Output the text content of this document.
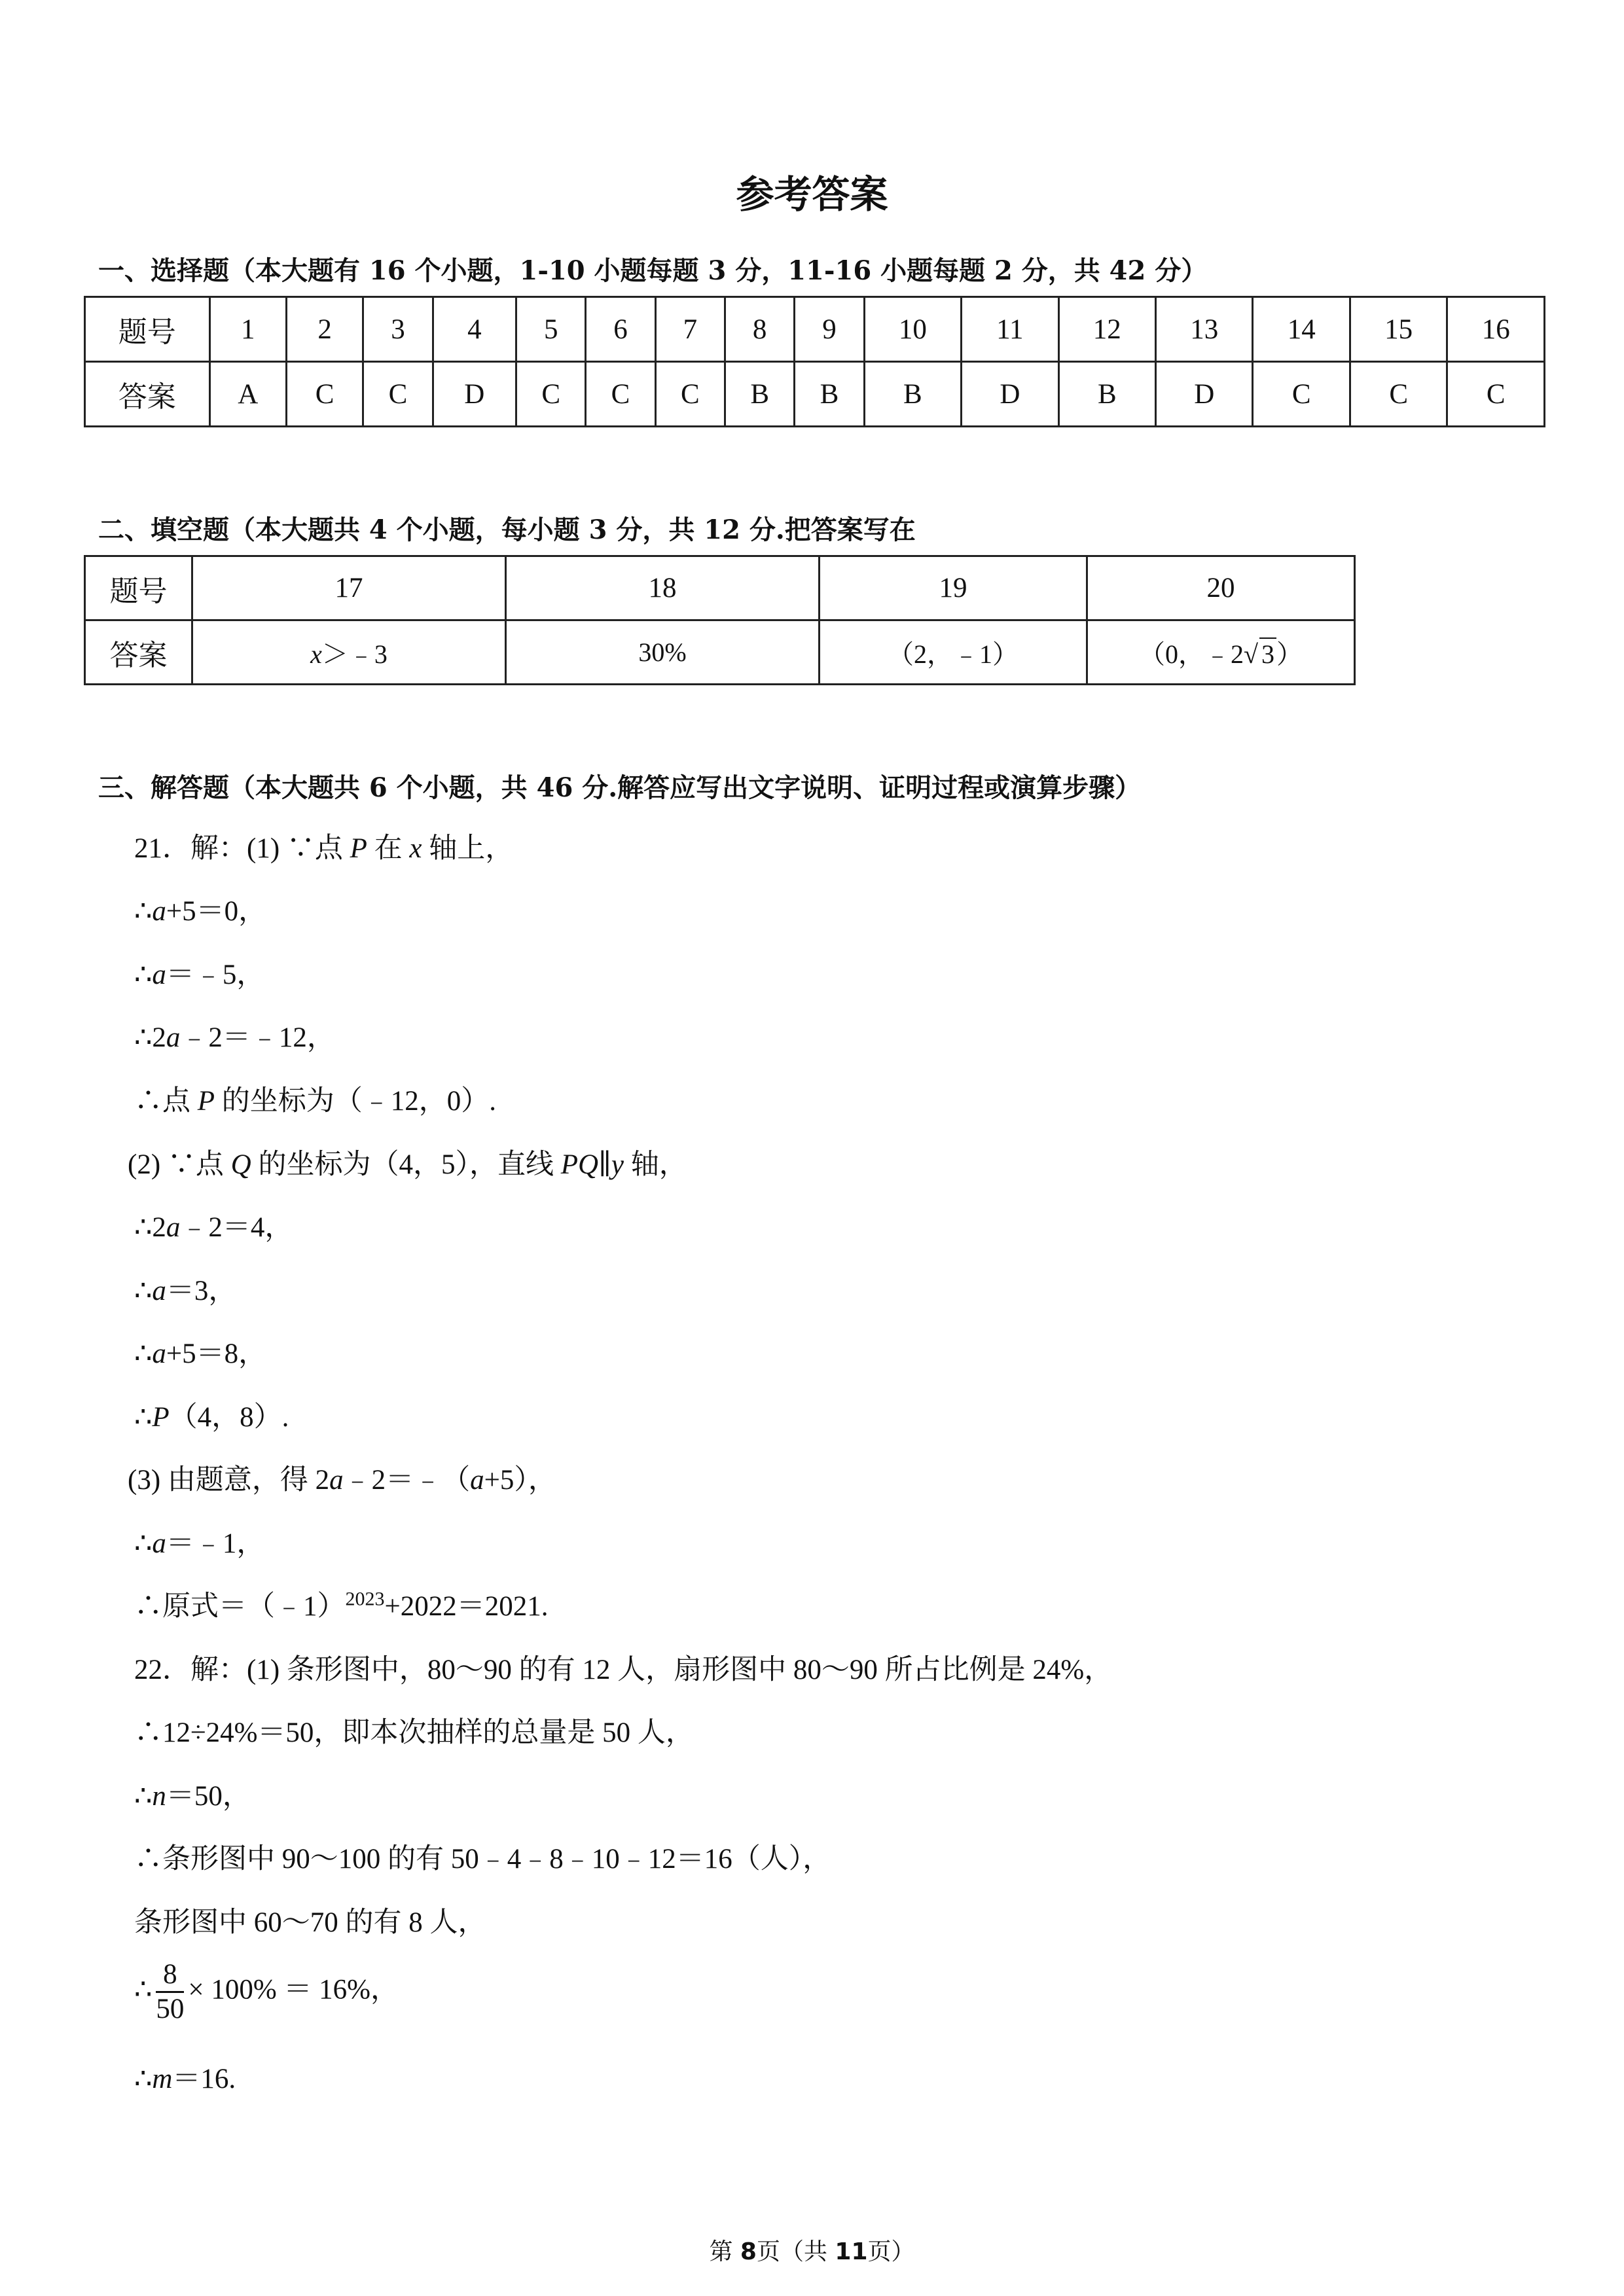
参考答案
一、选择题（本大题有 16 个小题，1-10 小题每题 3 分，11-16 小题每题 2 分，共 42 分）
题号	1	2	3	4	5	6	7	8	9	10	11	12	13	14	15	16
答案	A	C	C	D	C	C	C	B	B	B	D	B	D	C	C	C
二、填空题（本大题共 4 个小题，每小题 3 分，共 12 分.把答案写在
题号	17	18	19	20
答案	x＞﹣3	30%	（2，﹣1）	（0，﹣2√ 3）
三、解答题（本大题共 6 个小题，共 46 分.解答应写出文字说明、证明过程或演算步骤）
21．解：(1) ∵点 P 在 x 轴上，
∴a+5＝0，
∴a＝﹣5，
∴2a﹣2＝﹣12，
∴点 P 的坐标为（﹣12，0）.
(2) ∵点 Q 的坐标为（4，5），直线 PQ∥y 轴，
∴2a﹣2＝4，
∴a＝3，
∴a+5＝8，
∴P（4，8）.
(3) 由题意，得 2a﹣2＝﹣（a+5），
∴a＝﹣1，
∴原式＝（﹣1）$^{2023}$+2022＝2021.
22．解：(1) 条形图中，80～90 的有 12 人，扇形图中 80～90 所占比例是 24%，
∴12÷24%＝50，即本次抽样的总量是 50 人，
∴n＝50，
∴条形图中 90～100 的有 50﹣4﹣8﹣10﹣12＝16（人），
条形图中 60～70 的有 8 人，
∴ $\frac{8}{50} \times 100\% = 16\%$，
∴m＝16.
第 8页（共 11页）
